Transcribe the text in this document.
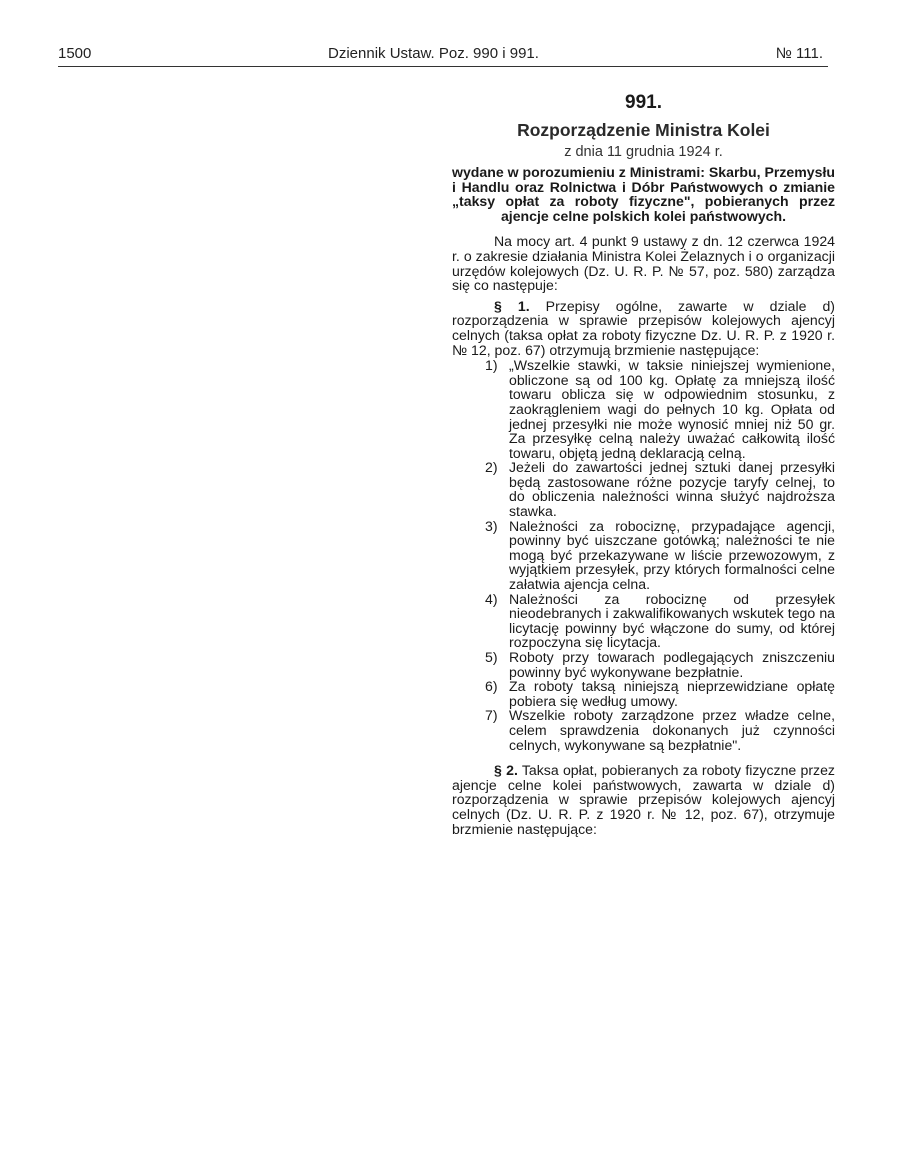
1500	Dziennik Ustaw. Poz. 990 i 991.	№ 111.
991.
Rozporządzenie Ministra Kolei
z dnia 11 grudnia 1924 r.

wydane w porozumieniu z Ministrami: Skarbu, Przemysłu i Handlu oraz Rolnictwa i Dóbr Państwowych o zmianie „taksy opłat za roboty fizyczne", pobieranych przez ajencje celne polskich kolei państwowych.

Na mocy art. 4 punkt 9 ustawy z dn. 12 czerwca 1924 r. o zakresie działania Ministra Kolei Żelaznych i o organizacji urzędów kolejowych (Dz. U. R. P. № 57, poz. 580) zarządza się co następuje:

§ 1. Przepisy ogólne, zawarte w dziale d) rozporządzenia w sprawie przepisów kolejowych ajencyj celnych (taksa opłat za roboty fizyczne Dz. U. R. P. z 1920 r. № 12, poz. 67) otrzymują brzmienie następujące:

1) „Wszelkie stawki, w taksie niniejszej wymienione, obliczone są od 100 kg. Opłatę za mniejszą ilość towaru oblicza się w odpowiednim stosunku, z zaokrągleniem wagi do pełnych 10 kg. Opłata od jednej przesyłki nie może wynosić mniej niż 50 gr. Za przesyłkę celną należy uważać całkowitą ilość towaru, objętą jedną deklaracją celną.
2) Jeżeli do zawartości jednej sztuki danej przesyłki będą zastosowane różne pozycje taryfy celnej, to do obliczenia należności winna służyć najdroższa stawka.
3) Należności za robociznę, przypadające agencji, powinny być uiszczane gotówką; należności te nie mogą być przekazywane w liście przewozowym, z wyjątkiem przesyłek, przy których formalności celne załatwia ajencja celna.
4) Należności za robociznę od przesyłek nieodebranych i zakwalifikowanych wskutek tego na licytację powinny być włączone do sumy, od której rozpoczyna się licytacja.
5) Roboty przy towarach podlegających zniszczeniu powinny być wykonywane bezpłatnie.
6) Za roboty taksą niniejszą nieprzewidziane opłatę pobiera się według umowy.
7) Wszelkie roboty zarządzone przez władze celne, celem sprawdzenia dokonanych już czynności celnych, wykonywane są bezpłatnie".

§ 2. Taksa opłat, pobieranych za roboty fizyczne przez ajencje celne kolei państwowych, zawarta w dziale d) rozporządzenia w sprawie przepisów kolejowych ajencyj celnych (Dz. U. R. P. z 1920 r. № 12, poz. 67), otrzymuje brzmienie następujące:
